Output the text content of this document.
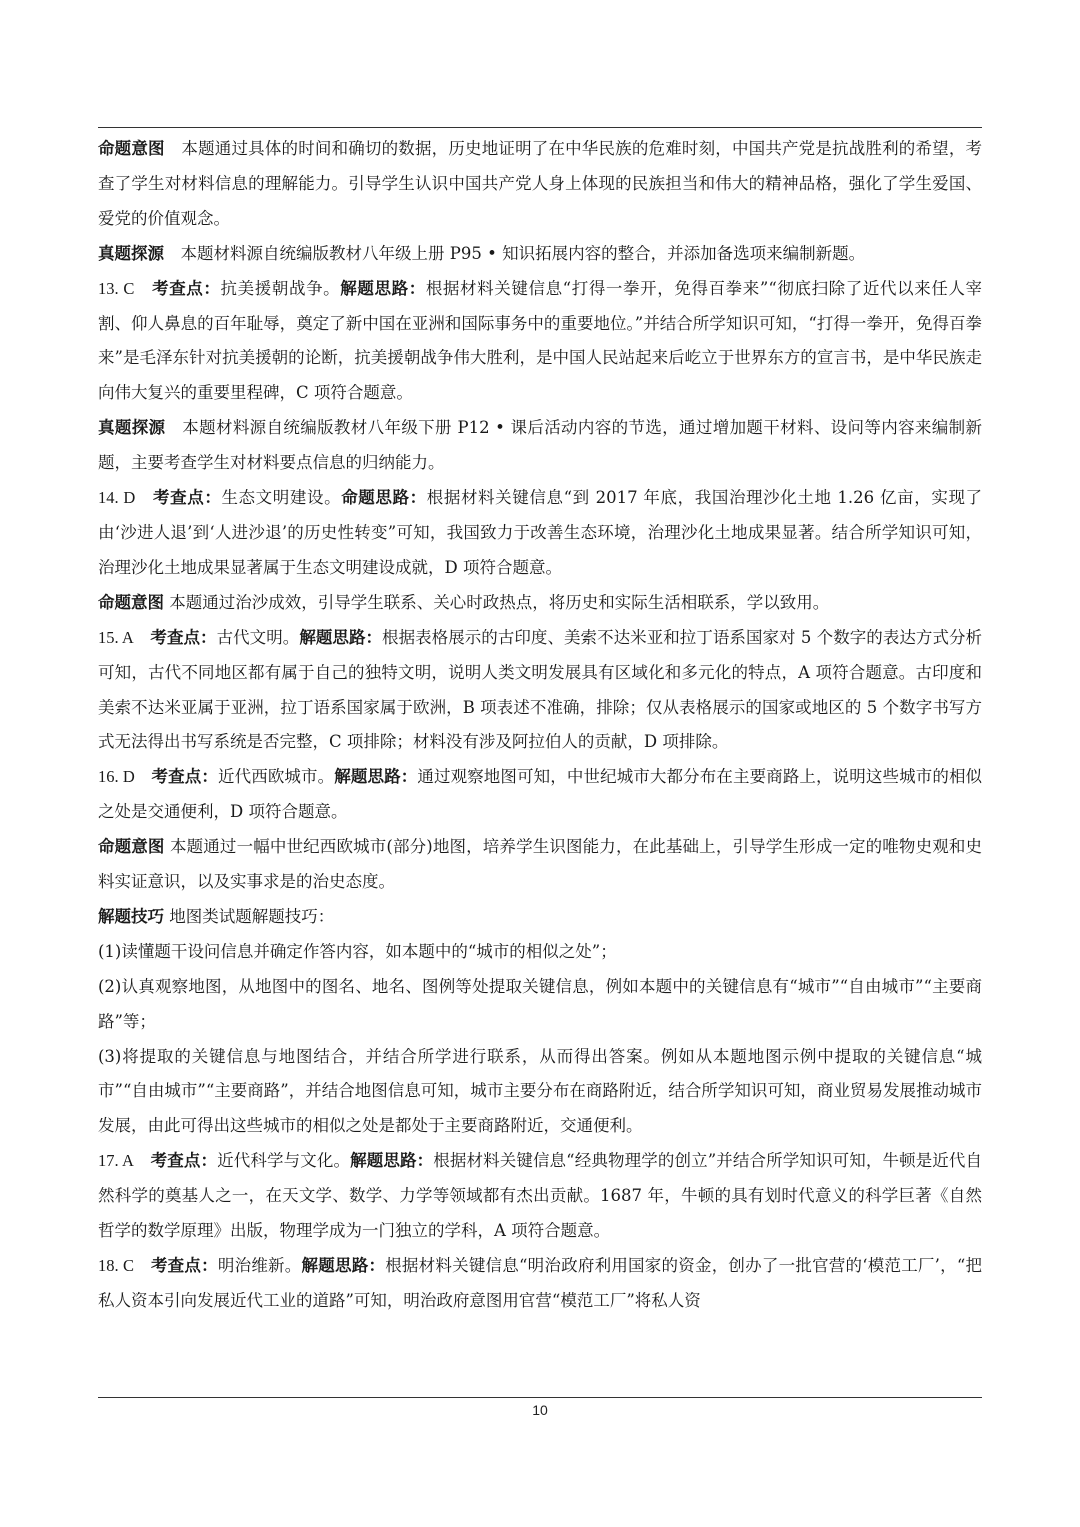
命题意图　 本题通过具体的时间和确切的数据，历史地证明了在中华民族的危难时刻，中国共产党是抗战胜利的希望，考查了学生对材料信息的理解能力。引导学生认识中国共产党人身上体现的民族担当和伟大的精神品格，强化了学生爱国、爱党的价值观念。

真题探源　 本题材料源自统编版教材八年级上册 P95 • 知识拓展内容的整合，并添加备选项来编制新题。

13. C　 考查点：抗美援朝战争。解题思路：根据材料关键信息“打得一拳开，免得百拳来”“彻底扫除了近代以来任人宰割、仰人鼻息的百年耻辱，奠定了新中国在亚洲和国际事务中的重要地位。”并结合所学知识可知，“打得一拳开，免得百拳来”是毛泽东针对抗美援朝的论断，抗美援朝战争伟大胜利，是中国人民站起来后屹立于世界东方的宣言书，是中华民族走向伟大复兴的重要里程碑，C 项符合题意。

真题探源　 本题材料源自统编版教材八年级下册 P12 • 课后活动内容的节选，通过增加题干材料、设问等内容来编制新题，主要考查学生对材料要点信息的归纳能力。

14. D　 考查点：生态文明建设。命题思路：根据材料关键信息“到 2017 年底，我国治理沙化土地 1.26 亿亩，实现了由‘沙进人退’到‘人进沙退’的历史性转变”可知，我国致力于改善生态环境，治理沙化土地成果显著。结合所学知识可知，治理沙化土地成果显著属于生态文明建设成就，D 项符合题意。

命题意图 本题通过治沙成效，引导学生联系、关心时政热点，将历史和实际生活相联系，学以致用。

15. A　 考查点：古代文明。解题思路：根据表格展示的古印度、美索不达米亚和拉丁语系国家对 5 个数字的表达方式分析可知，古代不同地区都有属于自己的独特文明，说明人类文明发展具有区域化和多元化的特点，A 项符合题意。古印度和美索不达米亚属于亚洲，拉丁语系国家属于欧洲，B 项表述不准确，排除；仅从表格展示的国家或地区的 5 个数字书写方式无法得出书写系统是否完整，C 项排除；材料没有涉及阿拉伯人的贡献，D 项排除。

16. D　 考查点：近代西欧城市。解题思路：通过观察地图可知，中世纪城市大都分布在主要商路上，说明这些城市的相似之处是交通便利，D 项符合题意。

命题意图 本题通过一幅中世纪西欧城市(部分)地图，培养学生识图能力，在此基础上，引导学生形成一定的唯物史观和史料实证意识，以及实事求是的治史态度。

解题技巧 地图类试题解题技巧：

(1)读懂题干设问信息并确定作答内容，如本题中的“城市的相似之处”；

(2)认真观察地图，从地图中的图名、地名、图例等处提取关键信息，例如本题中的关键信息有“城市”“自由城市”“主要商路”等；

(3)将提取的关键信息与地图结合，并结合所学进行联系，从而得出答案。例如从本题地图示例中提取的关键信息“城市”“自由城市”“主要商路”，并结合地图信息可知，城市主要分布在商路附近，结合所学知识可知，商业贸易发展推动城市发展，由此可得出这些城市的相似之处是都处于主要商路附近，交通便利。

17. A　 考查点：近代科学与文化。解题思路：根据材料关键信息“经典物理学的创立”并结合所学知识可知，牛顿是近代自然科学的奠基人之一，在天文学、数学、力学等领域都有杰出贡献。1687 年，牛顿的具有划时代意义的科学巨著《自然哲学的数学原理》出版，物理学成为一门独立的学科，A 项符合题意。

18. C　 考查点：明治维新。解题思路：根据材料关键信息“明治政府利用国家的资金，创办了一批官营的‘模范工厂’，“把私人资本引向发展近代工业的道路”可知，明治政府意图用官营“模范工厂”将私人资

10
